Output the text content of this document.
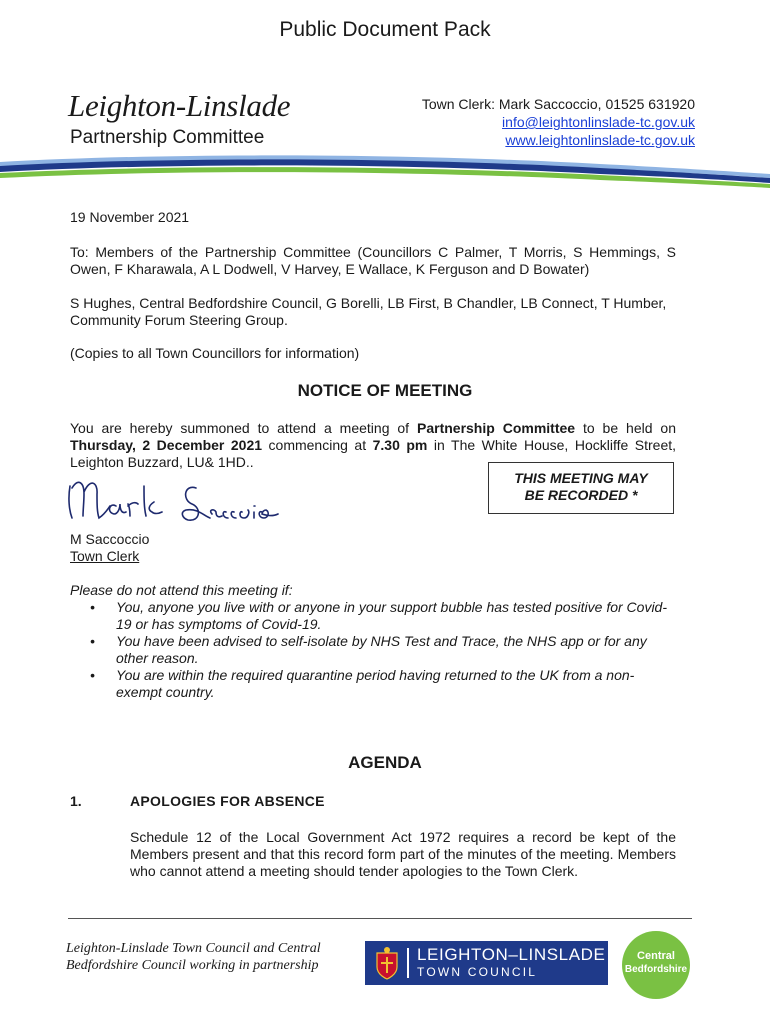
Public Document Pack
Leighton-Linslade
Partnership Committee
Town Clerk: Mark Saccoccio, 01525 631920
info@leightonlinslade-tc.gov.uk
www.leightonlinslade-tc.gov.uk
19 November 2021
To: Members of the Partnership Committee (Councillors C Palmer, T Morris, S Hemmings, S Owen, F Kharawala, A L Dodwell, V Harvey, E Wallace, K Ferguson and D Bowater)
S Hughes, Central Bedfordshire Council, G Borelli, LB First, B Chandler, LB Connect, T Humber, Community Forum Steering Group.
(Copies to all Town Councillors for information)
NOTICE OF MEETING
You are hereby summoned to attend a meeting of Partnership Committee to be held on Thursday, 2 December 2021 commencing at 7.30 pm in The White House, Hockliffe Street, Leighton Buzzard, LU& 1HD..
THIS MEETING MAY
BE RECORDED *
M Saccoccio
Town Clerk
Please do not attend this meeting if:
• You, anyone you live with or anyone in your support bubble has tested positive for Covid-19 or has symptoms of Covid-19.
• You have been advised to self-isolate by NHS Test and Trace, the NHS app or for any other reason.
• You are within the required quarantine period having returned to the UK from a non-exempt country.
AGENDA
1.	APOLOGIES FOR ABSENCE
Schedule 12 of the Local Government Act 1972 requires a record be kept of the Members present and that this record form part of the minutes of the meeting. Members who cannot attend a meeting should tender apologies to the Town Clerk.
Leighton-Linslade Town Council and Central Bedfordshire Council working in partnership
LEIGHTON–LINSLADE
TOWN COUNCIL
Central
Bedfordshire
